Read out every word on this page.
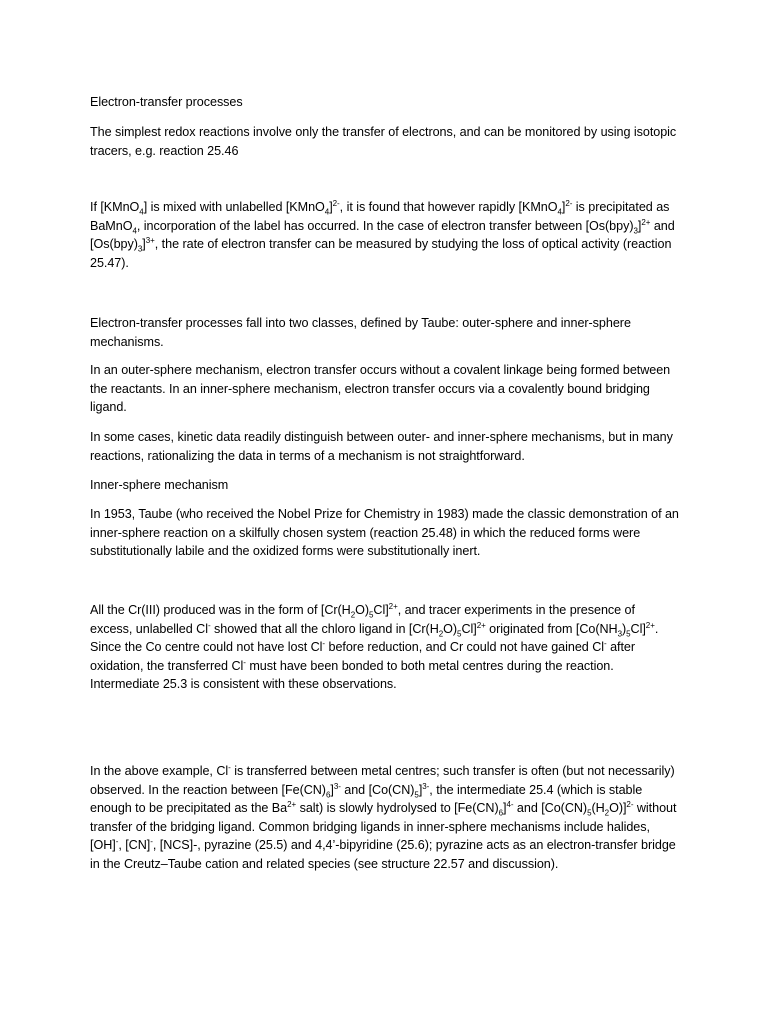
Electron-transfer processes

The simplest redox reactions involve only the transfer of electrons, and can be monitored by using isotopic tracers, e.g. reaction 25.46

If [KMnO$_4$] is mixed with unlabelled [KMnO$_4$]$^{2-}$, it is found that however rapidly [KMnO$_4$]$^{2-}$ is precipitated as BaMnO$_4$, incorporation of the label has occurred. In the case of electron transfer between $[Os(bpy)_3]^{2+}$ and $[Os(bpy)_3]^{3+}$, the rate of electron transfer can be measured by studying the loss of optical activity (reaction 25.47).

Electron-transfer processes fall into two classes, defined by Taube: outer-sphere and inner-sphere mechanisms.

In an outer-sphere mechanism, electron transfer occurs without a covalent linkage being formed between the reactants. In an inner-sphere mechanism, electron transfer occurs via a covalently bound bridging ligand.

In some cases, kinetic data readily distinguish between outer- and inner-sphere mechanisms, but in many reactions, rationalizing the data in terms of a mechanism is not straightforward.

Inner-sphere mechanism

In 1953, Taube (who received the Nobel Prize for Chemistry in 1983) made the classic demonstration of an inner-sphere reaction on a skilfully chosen system (reaction 25.48) in which the reduced forms were substitutionally labile and the oxidized forms were substitutionally inert.

All the Cr(III) produced was in the form of $[Cr(H_2O)_5Cl]^{2+}$, and tracer experiments in the presence of excess, unlabelled Cl- showed that all the chloro ligand in $[Cr(H_2O)_5Cl]^{2+}$ originated from $[Co(NH_3)_5Cl]^{2+}$. Since the Co centre could not have lost Cl- before reduction, and Cr could not have gained Cl- after oxidation, the transferred Cl- must have been bonded to both metal centres during the reaction. Intermediate 25.3 is consistent with these observations.

In the above example, Cl- is transferred between metal centres; such transfer is often (but not necessarily) observed. In the reaction between $[Fe(CN)_6]^{3-}$ and $[Co(CN)_5]^{3-}$, the intermediate 25.4 (which is stable enough to be precipitated as the $Ba^{2+}$ salt) is slowly hydrolysed to $[Fe(CN)_6]^{4-}$ and $[Co(CN)_5(H_2O)]^{2-}$ without transfer of the bridging ligand. Common bridging ligands in inner-sphere mechanisms include halides, [OH]-, [CN]-, [NCS]-, pyrazine (25.5) and 4,4’-bipyridine (25.6); pyrazine acts as an electron-transfer bridge in the Creutz–Taube cation and related species (see structure 22.57 and discussion).
